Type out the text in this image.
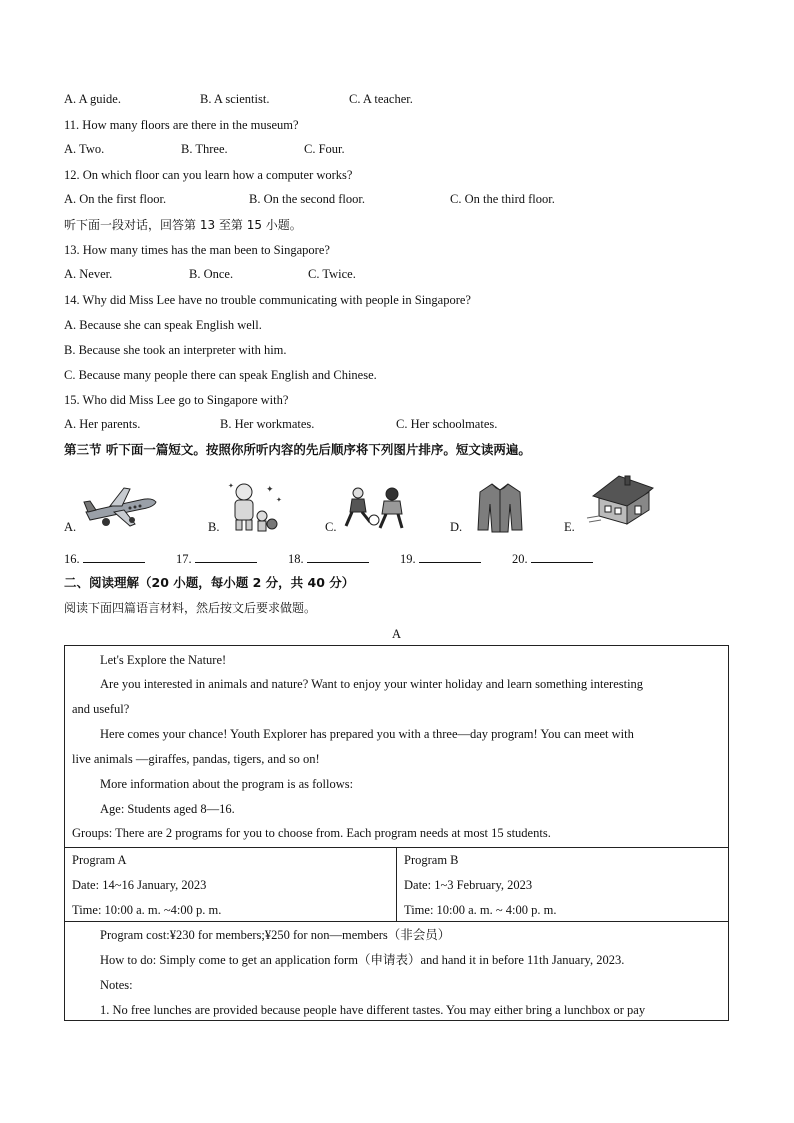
A. A guide.	B. A scientist.	C. A teacher.
11. How many floors are there in the museum?
A. Two.	B. Three.	C. Four.
12. On which floor can you learn how a computer works?
A. On the first floor.	B. On the second floor.	C. On the third floor.
听下面一段对话，回答第 13 至第 15 小题。
13. How many times has the man been to Singapore?
A. Never.	B. Once.	C. Twice.
14. Why did Miss Lee have no trouble communicating with people in Singapore?
A. Because she can speak English well.
B. Because she took an interpreter with him.
C. Because many people there can speak English and Chinese.
15. Who did Miss Lee go to Singapore with?
A. Her parents.	B. Her workmates.	C. Her schoolmates.
第三节 听下面一篇短文。按照你所听内容的先后顺序将下列图片排序。短文读两遍。
A.	B.
✦
✦
✦
C.	D.	E.
16.	17.	18.	19.	20.
二、阅读理解（20 小题，每小题 2 分，共 40 分）
阅读下面四篇语言材料，然后按文后要求做题。
A
Let's Explore the Nature!
Are you interested in animals and nature? Want to enjoy your winter holiday and learn something interesting
and useful?
Here comes your chance! Youth Explorer has prepared you with a three—day program! You can meet with
live animals —giraffes, pandas, tigers, and so on!
More information about the program is as follows:
Age: Students aged 8—16.
Groups: There are 2 programs for you to choose from. Each program needs at most 15 students.
Program A
Date: 14~16 January, 2023
Time: 10:00 a. m. ~4:00 p. m.
Program B
Date: 1~3 February, 2023
Time: 10:00 a. m. ~ 4:00 p. m.
Program cost:¥230 for members;¥250 for non—members（非会员）
How to do: Simply come to get an application form（申请表）and hand it in before 11th January, 2023.
Notes:
1. No free lunches are provided because people have different tastes. You may either bring a lunchbox or pay
